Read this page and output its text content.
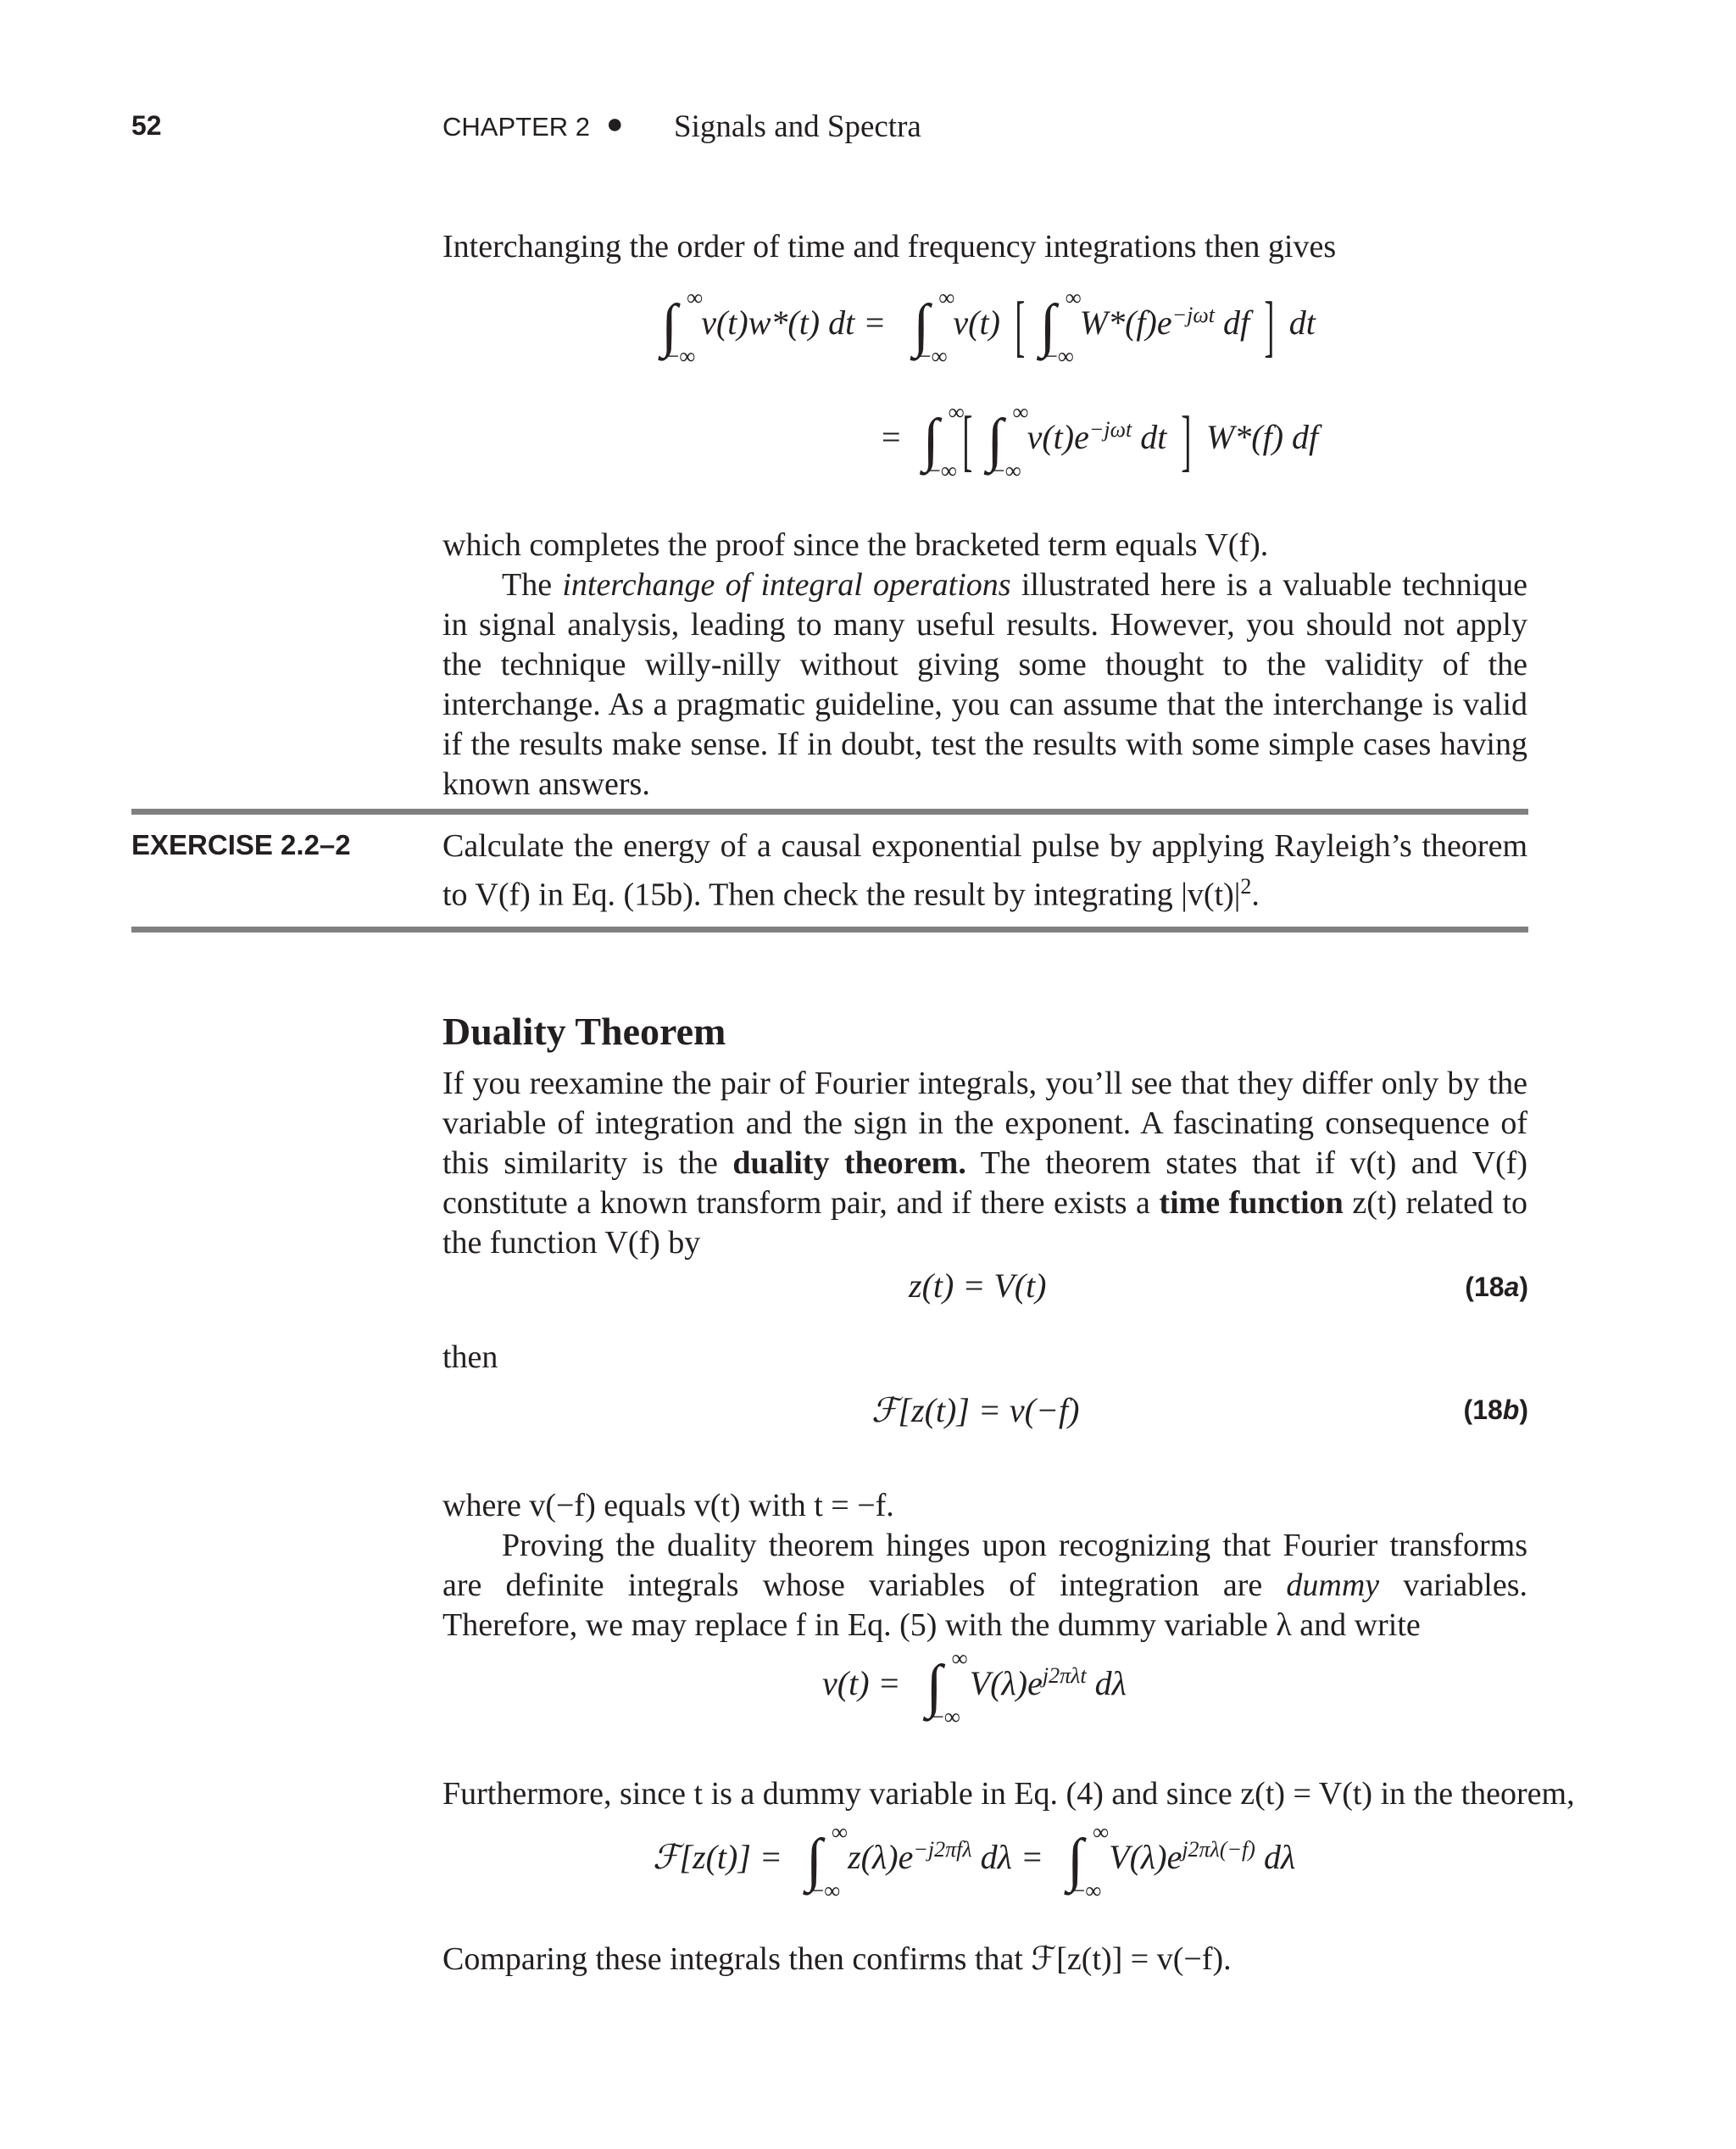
52	CHAPTER 2 ● Signals and Spectra
Interchanging the order of time and frequency integrations then gives
∫ ∞
−∞
v(t)w*(t) dt = ∫ ∞
−∞
v(t) [ ∫ ∞
−∞
$W*(f)e^{-j\omega t}$ df ] dt
= ∫ ∞
−∞ [ ∫ ∞
−∞
$v(t)e^{-j\omega t}$ dt ] W*(f) df

which completes the proof since the bracketed term equals V(f).

The interchange of integral operations illustrated here is a valuable technique in signal analysis, leading to many useful results. However, you should not apply the technique willy-nilly without giving some thought to the validity of the interchange. As a pragmatic guideline, you can assume that the interchange is valid if the results make sense. If in doubt, test the results with some simple cases having known answers.

EXERCISE 2.2–2	Calculate the energy of a causal exponential pulse by applying Rayleigh’s theorem to V(f) in Eq. (15b). Then check the result by integrating $|v(t)|^2$.
Duality Theorem
If you reexamine the pair of Fourier integrals, you’ll see that they differ only by the variable of integration and the sign in the exponent. A fascinating consequence of this similarity is the duality theorem. The theorem states that if v(t) and V(f) constitute a known transform pair, and if there exists a time function z(t) related to the function V(f) by
z(t) = V(t)	(18a)
then
ℱ[z(t)] = v(−f)	(18b)

where v(−f) equals v(t) with t = −f.

Proving the duality theorem hinges upon recognizing that Fourier transforms are definite integrals whose variables of integration are dummy variables. Therefore, we may replace f in Eq. (5) with the dummy variable λ and write

v(t) = ∫ ∞
−∞
$V(\lambda)e^{j2\pi\lambda t}$ dλ
Furthermore, since t is a dummy variable in Eq. (4) and since z(t) = V(t) in the theorem,
ℱ[z(t)] = ∫ ∞
−∞
$z(\lambda)e^{-j2\pi f\lambda}$ dλ = ∫ ∞
−∞
$V(\lambda)e^{j2\pi\lambda(-f)}$ dλ
Comparing these integrals then confirms that ℱ[z(t)] = v(−f).
